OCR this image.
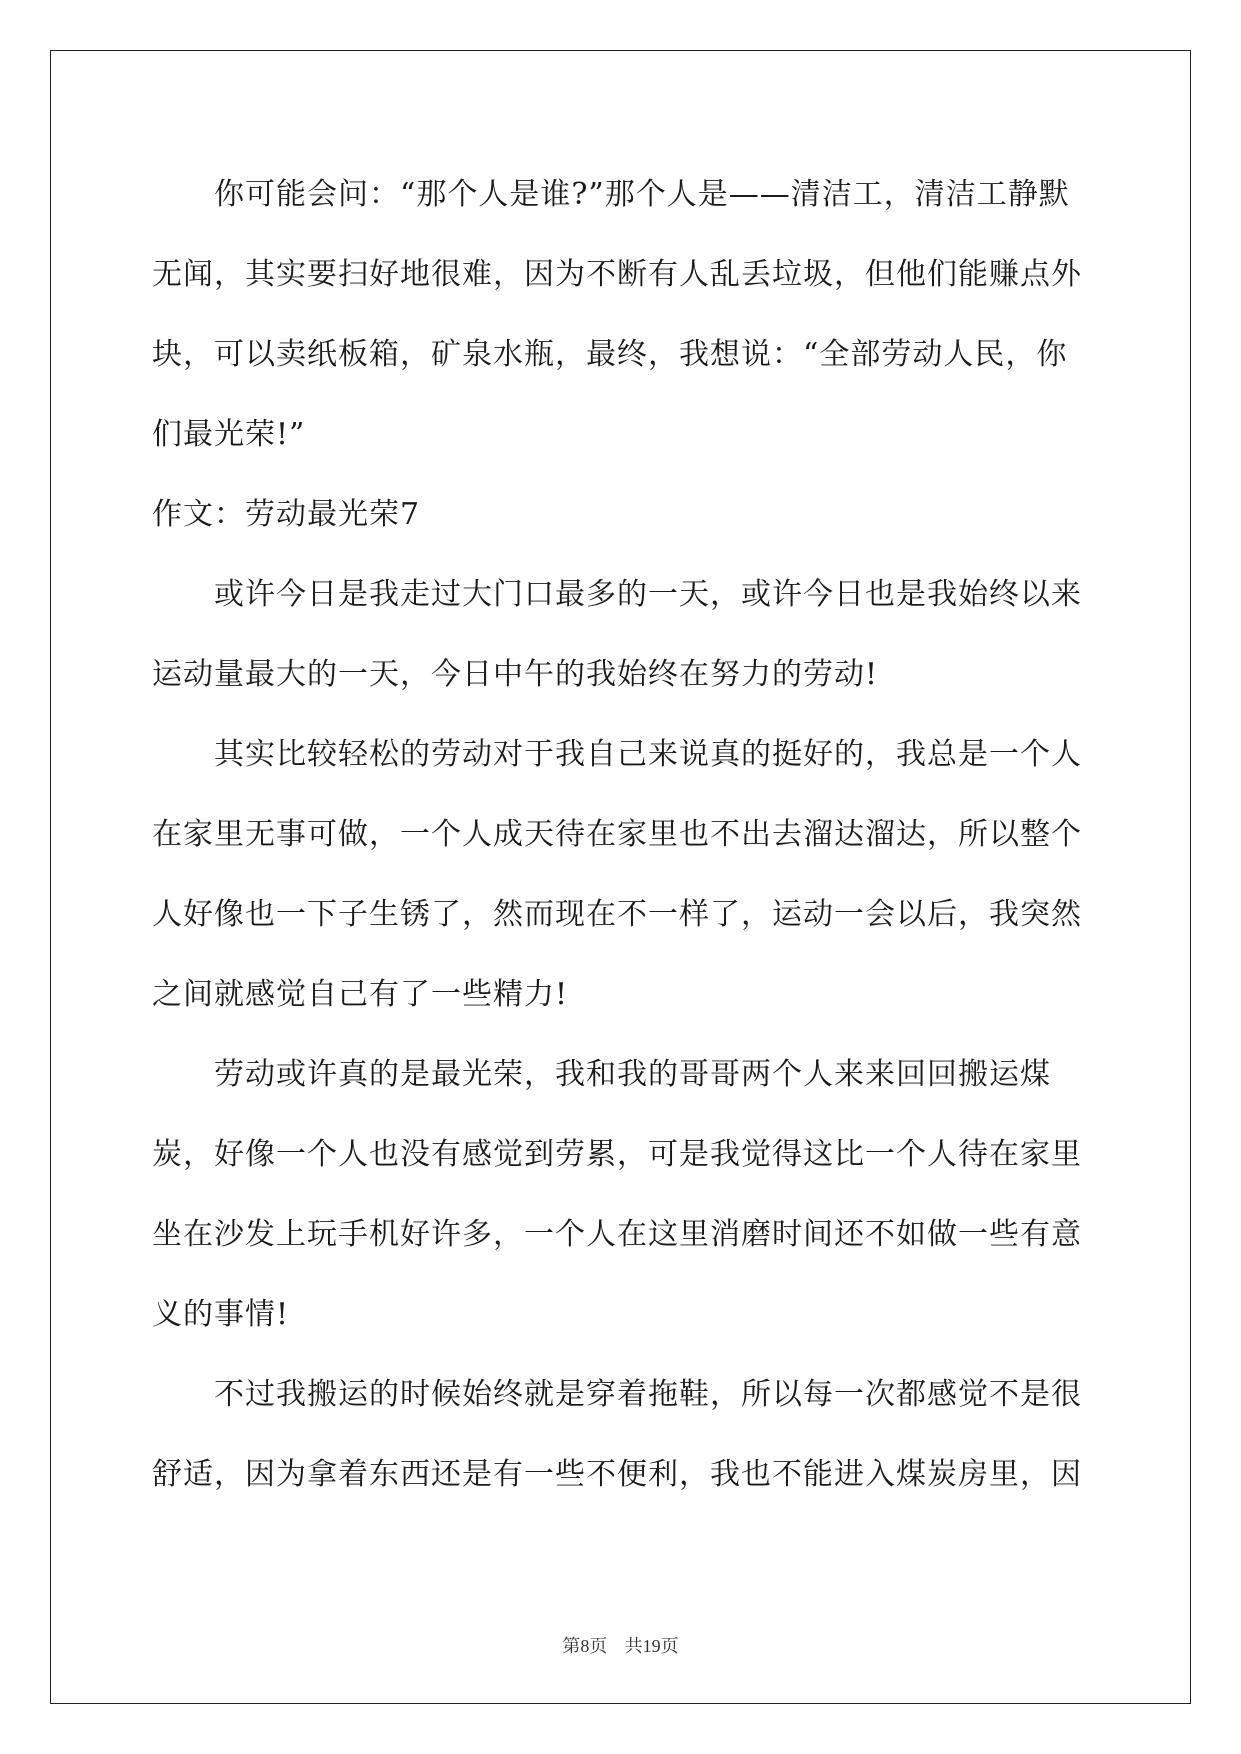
你可能会问：“那个人是谁?”那个人是——清洁工，清洁工静默无闻，其实要扫好地很难，因为不断有人乱丢垃圾，但他们能赚点外块，可以卖纸板箱，矿泉水瓶，最终，我想说：“全部劳动人民，你们最光荣!”

作文：劳动最光荣7

或许今日是我走过大门口最多的一天，或许今日也是我始终以来运动量最大的一天，今日中午的我始终在努力的劳动!

其实比较轻松的劳动对于我自己来说真的挺好的，我总是一个人在家里无事可做，一个人成天待在家里也不出去溜达溜达，所以整个人好像也一下子生锈了，然而现在不一样了，运动一会以后，我突然之间就感觉自己有了一些精力!

劳动或许真的是最光荣，我和我的哥哥两个人来来回回搬运煤炭，好像一个人也没有感觉到劳累，可是我觉得这比一个人待在家里坐在沙发上玩手机好许多，一个人在这里消磨时间还不如做一些有意义的事情!

不过我搬运的时候始终就是穿着拖鞋，所以每一次都感觉不是很舒适，因为拿着东西还是有一些不便利，我也不能进入煤炭房里，因

第8页 共19页
